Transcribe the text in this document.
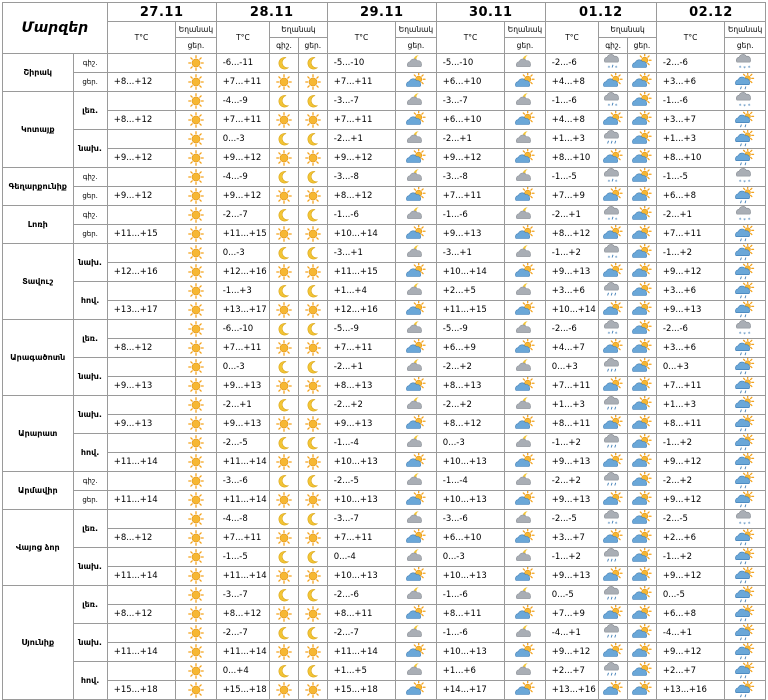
Մարզեր		27.11		28.11			29.11		30.11		01.12			02.12	
		T°C	Եղանակ	T°C	Եղանակ		T°C	Եղանակ	T°C	Եղանակ	T°C	Եղանակ		T°C	Եղանակ
			ցեր.		գիշ.	ցեր.		ցեր.		ցեր.		գիշ.	ցեր.		ցեր.
Շիրակ	գիշ.			-6...-11			-5...-10		-5...-10		-2...-6	* *		-2...-6	* * *

	ցեր.	+8...+12		+7...+11			+7...+11		+6...+10		+4...+8			+3...+6	

Կոտայք	լեռ.			-4...-9			-3...-7		-3...-7		-1...-6	* *		-1...-6	* * *

		+8...+12		+7...+11			+7...+11		+6...+10		+4...+8			+3...+7	

	նախ.			0...-3			-2...+1		-2...+1		+1...+3			+1...+3	

		+9...+12		+9...+12			+9...+12		+9...+12		+8...+10			+8...+10	

Գեղարքունիք	գիշ.			-4...-9			-3...-8		-3...-8		-1...-5	* *		-1...-5	* * *

	ցեր.	+9...+12		+9...+12			+8...+12		+7...+11		+7...+9			+6...+8	

Լոռի	գիշ.			-2...-7			-1...-6		-1...-6		-2...+1	* *		-2...+1	* * *

	ցեր.	+11...+15		+11...+15			+10...+14		+9...+13		+8...+12			+7...+11	

Տավուշ	նախ.			0...-3			-3...+1		-3...+1		-1...+2	* *		-1...+2	

		+12...+16		+12...+16			+11...+15		+10...+14		+9...+13			+9...+12	

	հով.			-1...+3			+1...+4		+2...+5		+3...+6			+3...+6	

		+13...+17		+13...+17			+12...+16		+11...+15		+10...+14			+9...+13	

Արագածոտն	լեռ.			-6...-10			-5...-9		-5...-9		-2...-6	* *		-2...-6	* * *

		+8...+12		+7...+11			+7...+11		+6...+9		+4...+7			+3...+6	

	նախ.			0...-3			-2...+1		-2...+2		0...+3			0...+3	

		+9...+13		+9...+13			+8...+13		+8...+13		+7...+11			+7...+11	

Արարատ	նախ.			-2...+1			-2...+2		-2...+2		+1...+3			+1...+3	

		+9...+13		+9...+13			+9...+13		+8...+12		+8...+11			+8...+11	

	հով.			-2...-5			-1...-4		0...-3		-1...+2			-1...+2	

		+11...+14		+11...+14			+10...+13		+10...+13		+9...+13			+9...+12	

Արմավիր	գիշ.			-3...-6			-2...-5		-1...-4		-2...+2			-2...+2	

	ցեր.	+11...+14		+11...+14			+10...+13		+10...+13		+9...+13			+9...+12	

Վայոց ձոր	լեռ.			-4...-8			-3...-7		-3...-6		-2...-5	* *		-2...-5	* * *

		+8...+12		+7...+11			+7...+11		+6...+10		+3...+7			+2...+6	

	նախ.			-1...-5			0...-4		0...-3		-1...+2			-1...+2	

		+11...+14		+11...+14			+10...+13		+10...+13		+9...+13			+9...+12	

Սյունիք	լեռ.			-3...-7			-2...-6		-1...-6		0...-5			0...-5	

		+8...+12		+8...+12			+8...+11		+8...+11		+7...+9			+6...+8	

	նախ.			-2...-7			-2...-7		-1...-6		-4...+1			-4...+1	

		+11...+14		+11...+14			+11...+14		+10...+13		+9...+12			+9...+12	

	հով.			0...+4			+1...+5		+1...+6		+2...+7			+2...+7	

		+15...+18		+15...+18			+15...+18		+14...+17		+13...+16			+13...+16	
